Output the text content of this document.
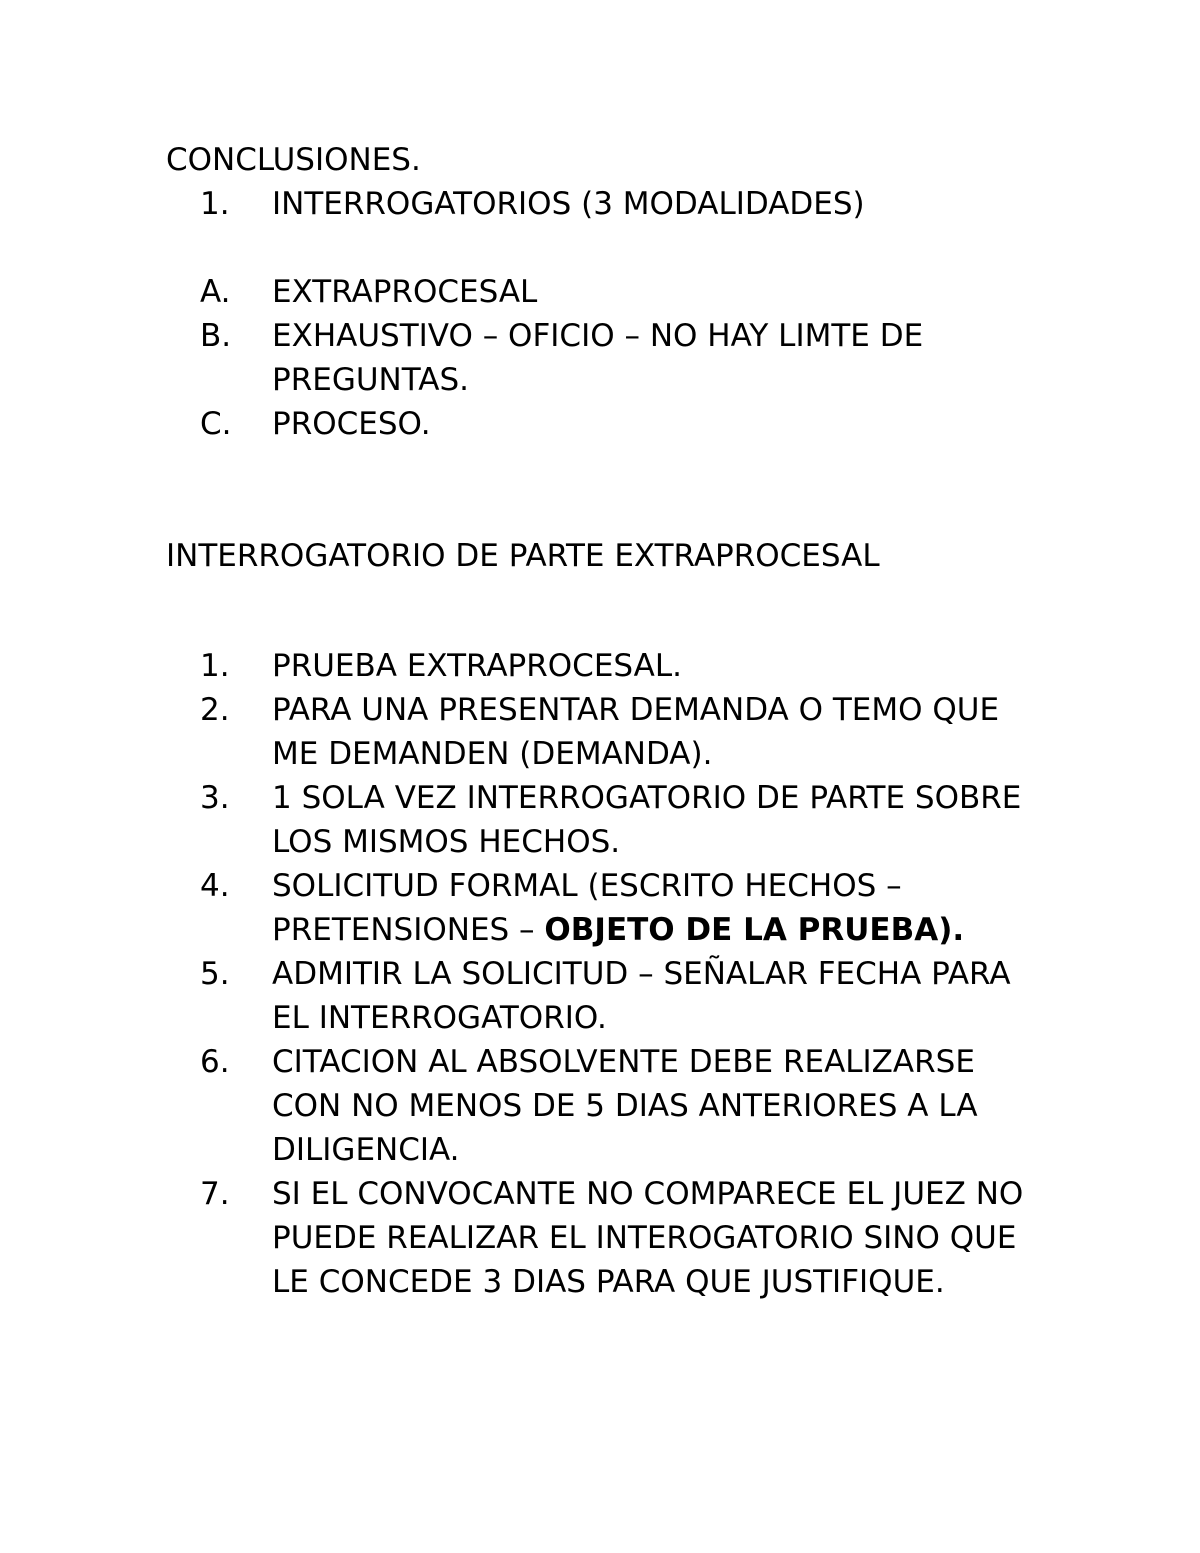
CONCLUSIONES.

1.	INTERROGATORIOS (3 MODALIDADES)
A.	EXTRAPROCESAL
B.	EXHAUSTIVO – OFICIO – NO HAY LIMTE DE PREGUNTAS.
C.	PROCESO.

INTERROGATORIO DE PARTE EXTRAPROCESAL

1.	PRUEBA EXTRAPROCESAL.
2.	PARA UNA PRESENTAR DEMANDA O TEMO QUE ME DEMANDEN (DEMANDA).
3.	1 SOLA VEZ INTERROGATORIO DE PARTE SOBRE LOS MISMOS HECHOS.
4.	SOLICITUD FORMAL (ESCRITO HECHOS – PRETENSIONES – OBJETO DE LA PRUEBA).
5.	ADMITIR LA SOLICITUD – SEÑALAR FECHA PARA EL INTERROGATORIO.
6.	CITACION AL ABSOLVENTE DEBE REALIZARSE CON NO MENOS DE 5 DIAS ANTERIORES A LA DILIGENCIA.
7.	SI EL CONVOCANTE NO COMPARECE EL JUEZ NO PUEDE REALIZAR EL INTEROGATORIO SINO QUE LE CONCEDE 3 DIAS PARA QUE JUSTIFIQUE.
